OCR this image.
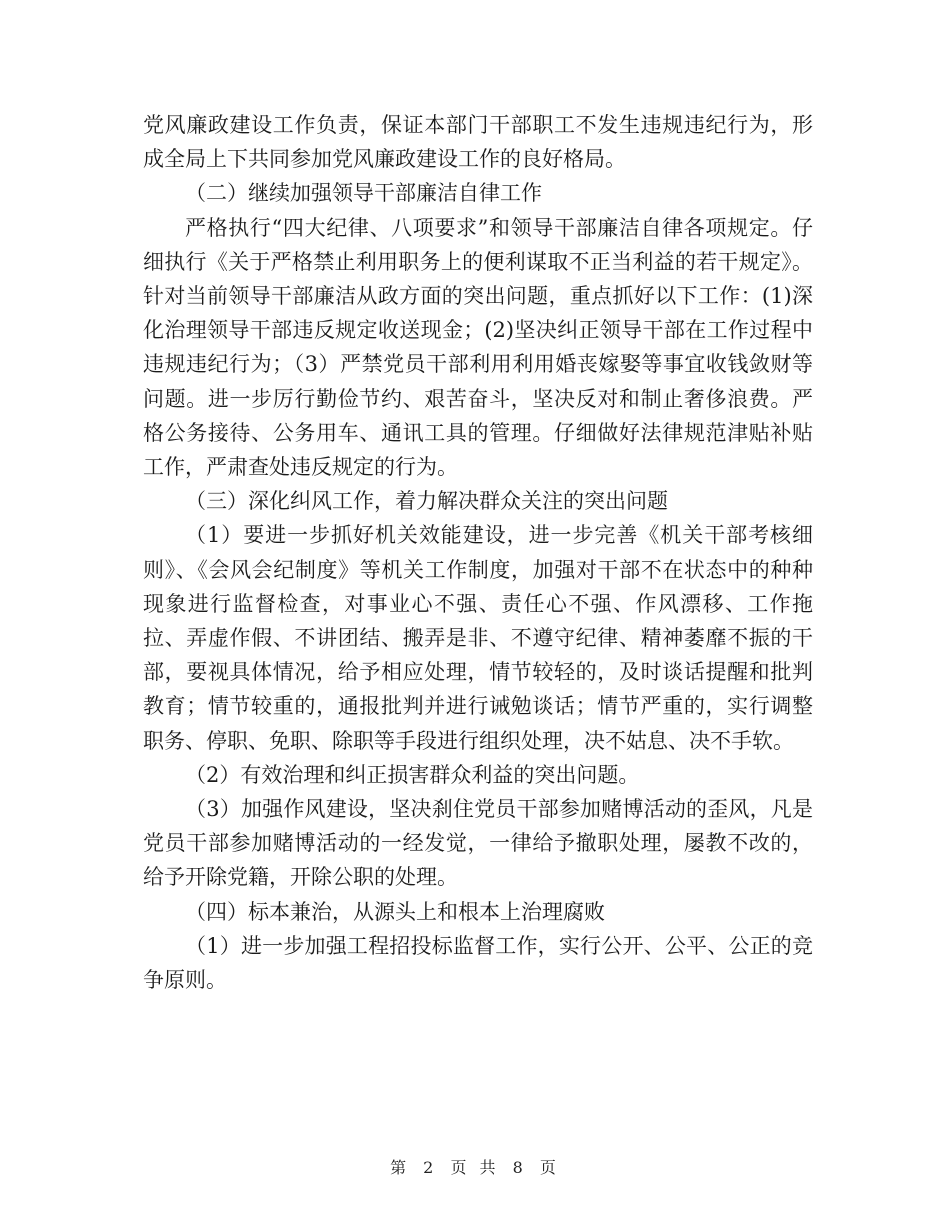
党风廉政建设工作负责，保证本部门干部职工不发生违规违纪行为，形成全局上下共同参加党风廉政建设工作的良好格局。

（二）继续加强领导干部廉洁自律工作

严格执行“四大纪律、八项要求”和领导干部廉洁自律各项规定。仔细执行《关于严格禁止利用职务上的便利谋取不正当利益的若干规定》。针对当前领导干部廉洁从政方面的突出问题，重点抓好以下工作：(1)深化治理领导干部违反规定收送现金；(2)坚决纠正领导干部在工作过程中违规违纪行为；（3）严禁党员干部利用利用婚丧嫁娶等事宜收钱敛财等问题。进一步厉行勤俭节约、艰苦奋斗，坚决反对和制止奢侈浪费。严格公务接待、公务用车、通讯工具的管理。仔细做好法律规范津贴补贴工作，严肃查处违反规定的行为。

（三）深化纠风工作，着力解决群众关注的突出问题

（1）要进一步抓好机关效能建设，进一步完善《机关干部考核细则》、《会风会纪制度》等机关工作制度，加强对干部不在状态中的种种现象进行监督检查，对事业心不强、责任心不强、作风漂移、工作拖拉、弄虚作假、不讲团结、搬弄是非、不遵守纪律、精神萎靡不振的干部，要视具体情况，给予相应处理，情节较轻的，及时谈话提醒和批判教育；情节较重的，通报批判并进行诫勉谈话；情节严重的，实行调整职务、停职、免职、除职等手段进行组织处理，决不姑息、决不手软。

（2）有效治理和纠正损害群众利益的突出问题。

（3）加强作风建设，坚决刹住党员干部参加赌博活动的歪风，凡是党员干部参加赌博活动的一经发觉，一律给予撤职处理，屡教不改的，给予开除党籍，开除公职的处理。

（四）标本兼治，从源头上和根本上治理腐败

（1）进一步加强工程招投标监督工作，实行公开、公平、公正的竞争原则。

第 2 页 共 8 页
